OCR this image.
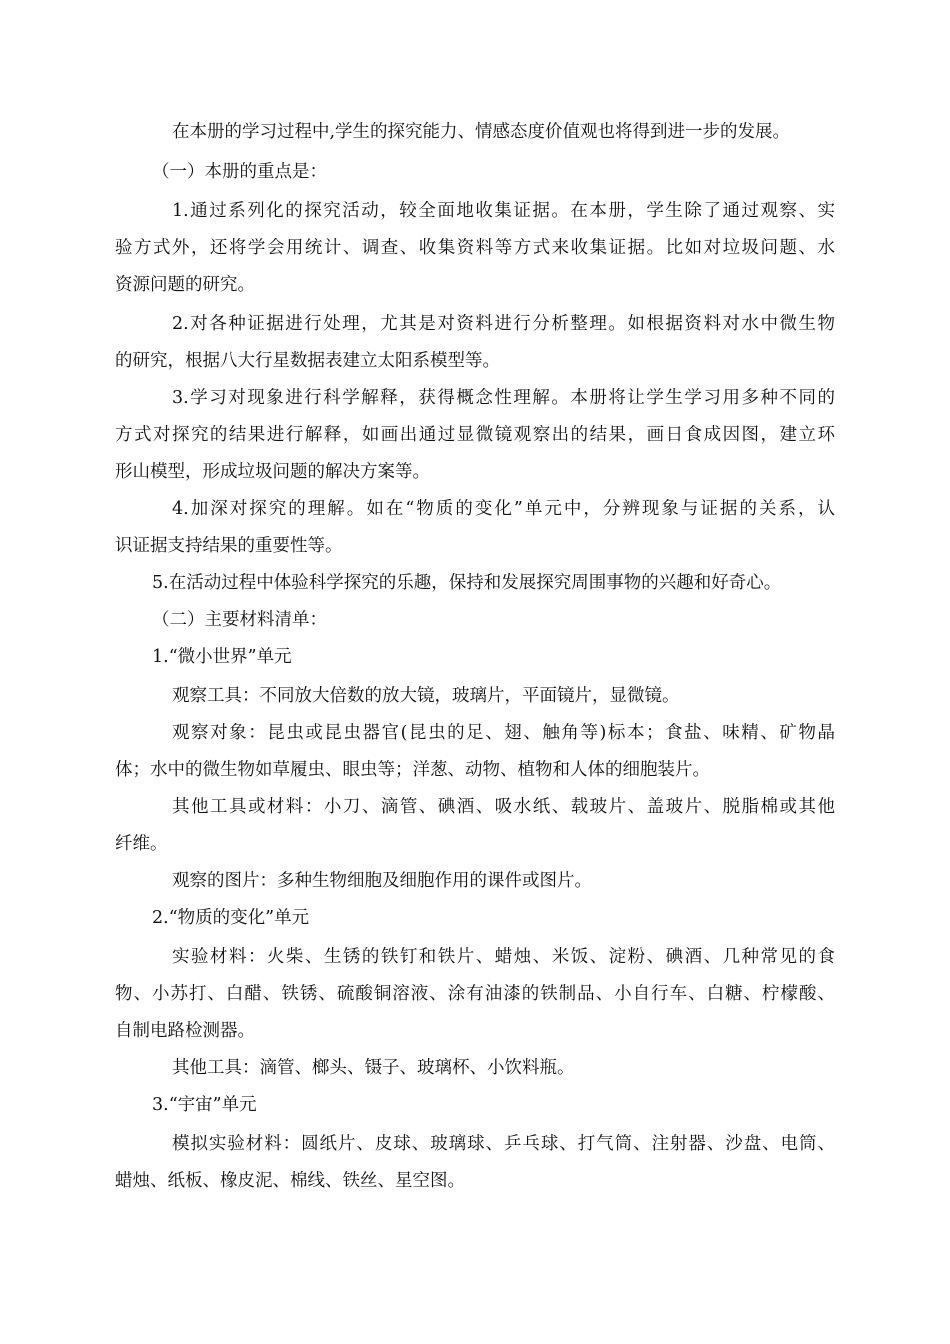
在本册的学习过程中,学生的探究能力、情感态度价值观也将得到进一步的发展。
（一）本册的重点是：
1.通过系列化的探究活动，较全面地收集证据。在本册，学生除了通过观察、实
验方式外，还将学会用统计、调查、收集资料等方式来收集证据。比如对垃圾问题、水
资源问题的研究。
2.对各种证据进行处理，尤其是对资料进行分析整理。如根据资料对水中微生物
的研究，根据八大行星数据表建立太阳系模型等。
3.学习对现象进行科学解释，获得概念性理解。本册将让学生学习用多种不同的
方式对探究的结果进行解释，如画出通过显微镜观察出的结果，画日食成因图，建立环
形山模型，形成垃圾问题的解决方案等。
4.加深对探究的理解。如在“物质的变化”单元中，分辨现象与证据的关系，认
识证据支持结果的重要性等。
5.在活动过程中体验科学探究的乐趣，保持和发展探究周围事物的兴趣和好奇心。
（二）主要材料清单：
1.“微小世界”单元
观察工具：不同放大倍数的放大镜，玻璃片，平面镜片，显微镜。
观察对象：昆虫或昆虫器官(昆虫的足、翅、触角等)标本；食盐、味精、矿物晶
体；水中的微生物如草履虫、眼虫等；洋葱、动物、植物和人体的细胞装片。
其他工具或材料：小刀、滴管、碘酒、吸水纸、载玻片、盖玻片、脱脂棉或其他
纤维。
观察的图片：多种生物细胞及细胞作用的课件或图片。
2.“物质的变化”单元
实验材料：火柴、生锈的铁钉和铁片、蜡烛、米饭、淀粉、碘酒、几种常见的食
物、小苏打、白醋、铁锈、硫酸铜溶液、涂有油漆的铁制品、小自行车、白糖、柠檬酸、
自制电路检测器。
其他工具：滴管、榔头、镊子、玻璃杯、小饮料瓶。
3.“宇宙”单元
模拟实验材料：圆纸片、皮球、玻璃球、乒乓球、打气筒、注射器、沙盘、电筒、
蜡烛、纸板、橡皮泥、棉线、铁丝、星空图。
